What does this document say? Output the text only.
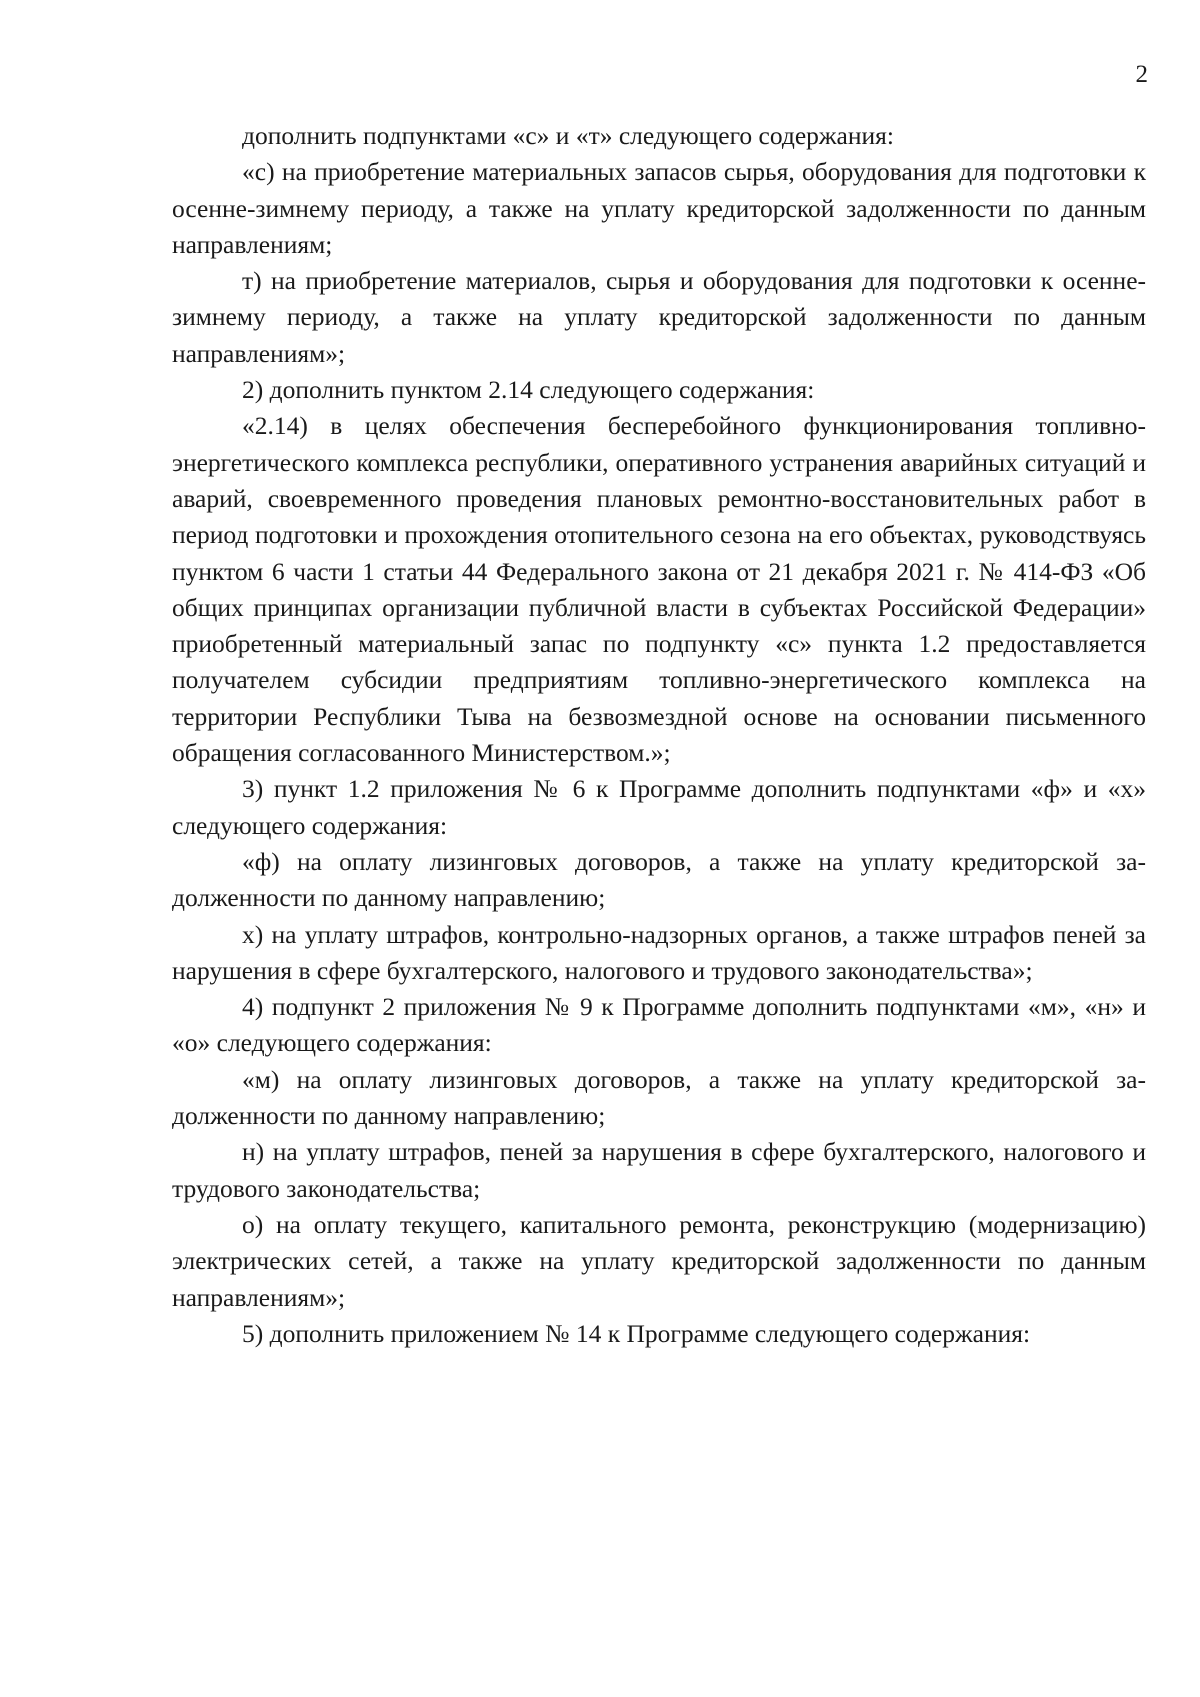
2

дополнить подпунктами «с» и «т» следующего содержания:

«с) на приобретение материальных запасов сырья, оборудования для подготовки к осенне-зимнему периоду, а также на уплату кредиторской задолженности по данным направлениям;

т) на приобретение материалов, сырья и оборудования для подготовки к осенне-зимнему периоду, а также на уплату кредиторской задолженности по данным направлениям»;

2) дополнить пунктом 2.14 следующего содержания:

«2.14) в целях обеспечения бесперебойного функционирования топливно-энергетического комплекса республики, оперативного устранения аварийных ситуаций и аварий, своевременного проведения плановых ремонтно-восстановительных работ в период подготовки и прохождения отопительного сезона на его объектах, руководствуясь пунктом 6 части 1 статьи 44 Федерального закона от 21 декабря 2021 г. № 414-ФЗ «Об общих принципах организации публичной власти в субъектах Российской Федерации» приобретенный материальный запас по подпункту «с» пункта 1.2 предоставляется получателем субсидии предприятиям топливно-энергетического комплекса на территории Республики Тыва на безвозмездной основе на основании письменного обращения согласованного Министерством.»;

3) пункт 1.2 приложения № 6 к Программе дополнить подпунктами «ф» и «х» следующего содержания:

«ф) на оплату лизинговых договоров, а также на уплату кредиторской задолженности по данному направлению;

х) на уплату штрафов, контрольно-надзорных органов, а также штрафов пеней за нарушения в сфере бухгалтерского, налогового и трудового законодательства»;

4) подпункт 2 приложения № 9 к Программе дополнить подпунктами «м», «н» и «о» следующего содержания:

«м) на оплату лизинговых договоров, а также на уплату кредиторской задолженности по данному направлению;

н) на уплату штрафов, пеней за нарушения в сфере бухгалтерского, налогового и трудового законодательства;

о) на оплату текущего, капитального ремонта, реконструкцию (модернизацию) электрических сетей, а также на уплату кредиторской задолженности по данным направлениям»;

5) дополнить приложением № 14 к Программе следующего содержания:
